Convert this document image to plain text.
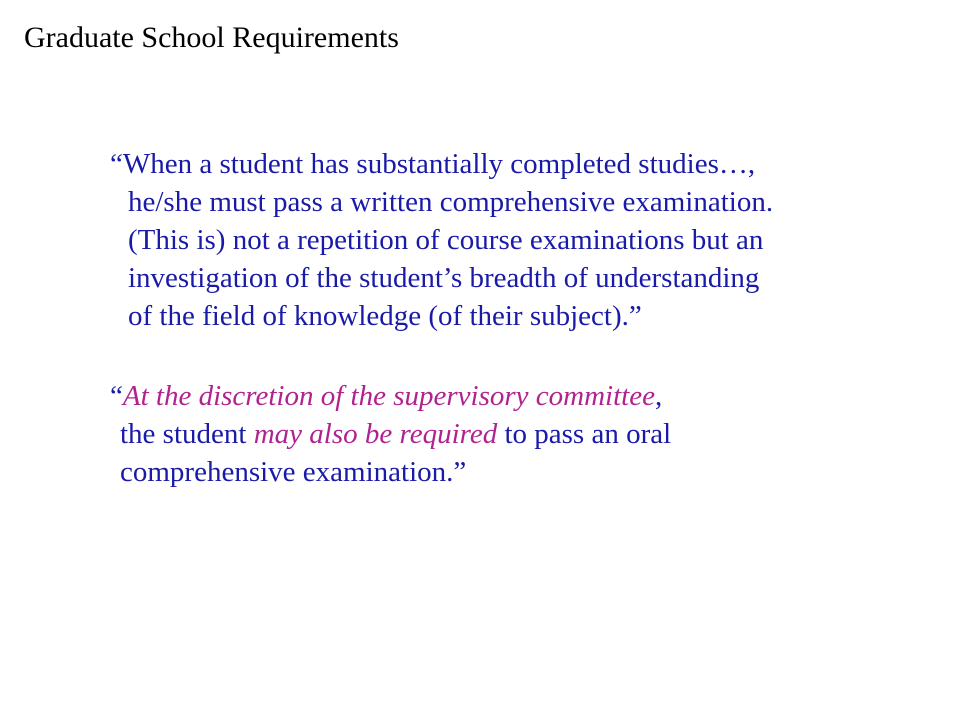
Graduate School Requirements
“When a student has substantially completed studies…,
he/she must pass a written comprehensive examination.
(This is) not a repetition of course examinations but an
investigation of the student’s breadth of understanding
of the field of knowledge (of their subject).”
“At the discretion of the supervisory committee,
the student may also be required to pass an oral
comprehensive examination.”
